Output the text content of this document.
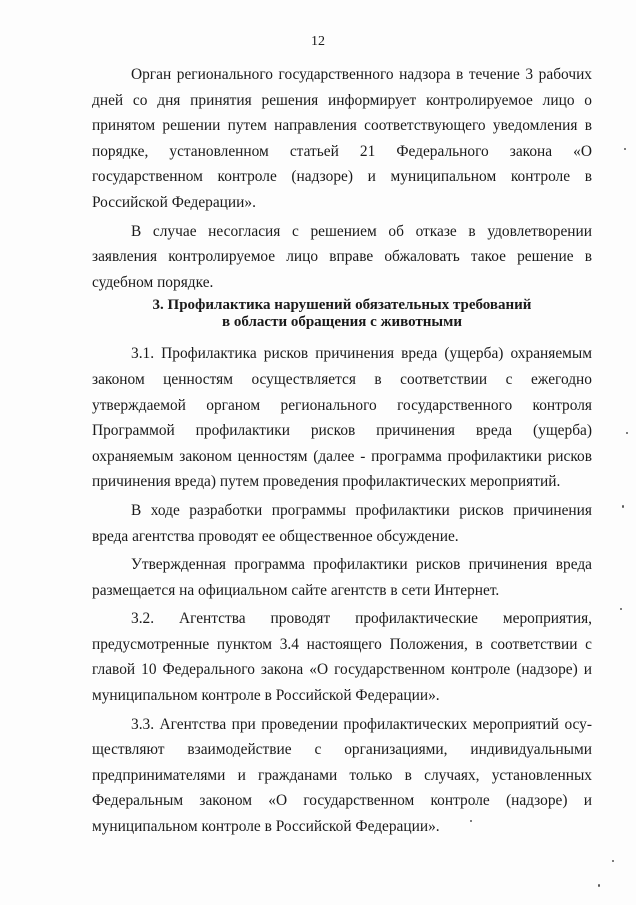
12

Орган регионального государственного надзора в течение 3 рабочих дней со дня принятия решения информирует контролируемое лицо о принятом решении путем направления соответствующего уведомления в порядке, установленном статьей 21 Федерального закона «О государственном контроле (надзоре) и муниципальном контроле в Российской Федерации».

В случае несогласия с решением об отказе в удовлетворении заявления контролируемое лицо вправе обжаловать такое решение в судебном порядке.

3. Профилактика нарушений обязательных требований
в области обращения с животными

3.1. Профилактика рисков причинения вреда (ущерба) охраняемым законом ценностям осуществляется в соответствии с ежегодно утверждаемой органом регионального государственного контроля Программой профилактики рисков причинения вреда (ущерба) охраняемым законом ценностям (далее - программа профилактики рисков причинения вреда) путем проведения профилактических мероприятий.

В ходе разработки программы профилактики рисков причинения вреда агентства проводят ее общественное обсуждение.

Утвержденная программа профилактики рисков причинения вреда размещается на официальном сайте агентств в сети Интернет.

3.2. Агентства проводят профилактические мероприятия, предусмотренные пунктом 3.4 настоящего Положения, в соответствии с главой 10 Федерального закона «О государственном контроле (надзоре) и муниципальном контроле в Российской Федерации».

3.3. Агентства при проведении профилактических мероприятий осуществляют взаимодействие с организациями, индивидуальными предпринимателями и гражданами только в случаях, установленных Федеральным законом «О государственном контроле (надзоре) и муниципальном контроле в Российской Федерации».
